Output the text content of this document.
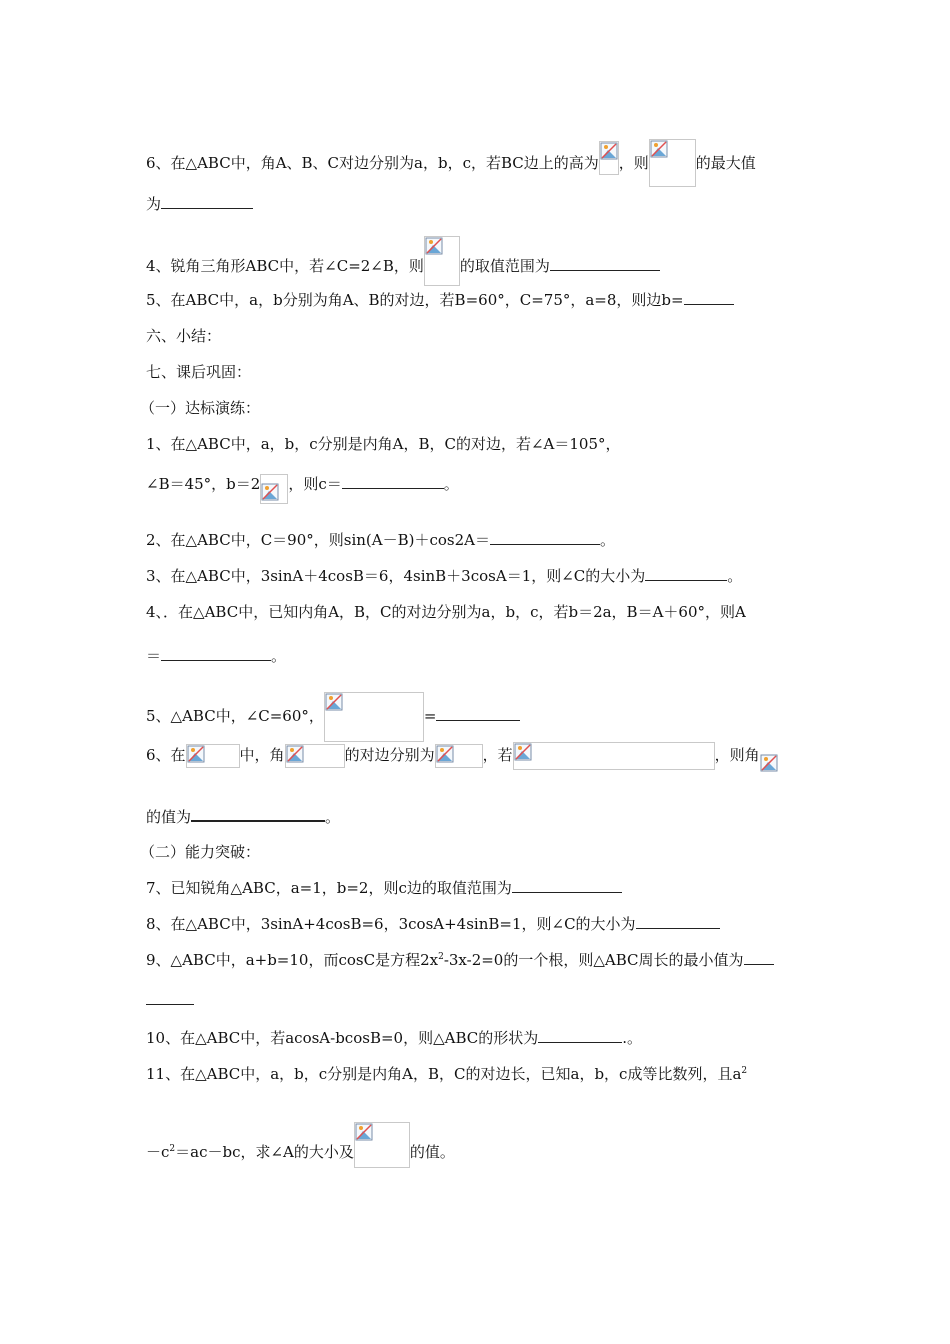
6、在△ABC中，角A、B、C对边分别为a，b，c，若BC边上的高为 ，则	的最大值
为
4、锐角三角形ABC中，若∠C=2∠B，则 的取值范围为
5、在ABC中，a，b分别为角A、B的对边，若B=60°，C=75°，a=8，则边b=
六、小结：
七、课后巩固：
（一）达标演练：
1、在△ABC中，a，b，c分别是内角A，B，C的对边，若∠A＝105°，
∠B＝45°，b＝2 ，则c＝	。
2、在△ABC中，C＝90°，则sin(A－B)＋cos2A＝	。
3、在△ABC中，3sinA＋4cosB＝6，4sinB＋3cosA＝1，则∠C的大小为	。
4、．在△ABC中，已知内角A，B，C的对边分别为a，b，c，若b＝2a，B＝A＋60°，则A
＝	。
5、△ABC中，∠C=60°，	=
6、在	中，角	的对边分别为	，若	，则角
的值为	。
（二）能力突破：
7、已知锐角△ABC，a=1，b=2，则c边的取值范围为
8、在△ABC中，3sinA+4cosB=6，3cosA+4sinB=1，则∠C的大小为
9、△ABC中，a+b=10，而cosC是方程$2x^2-3x-2=0$的一个根，则△ABC周长的最小值为
10、在△ABC中，若acosA-bcosB=0，则△ABC的形状为	.。
11、在△ABC中，a，b，c分别是内角A，B，C的对边长，已知a，b，c成等比数列，且$a^2$
$-c^2=ac-bc$，求∠A的大小及	的值。
